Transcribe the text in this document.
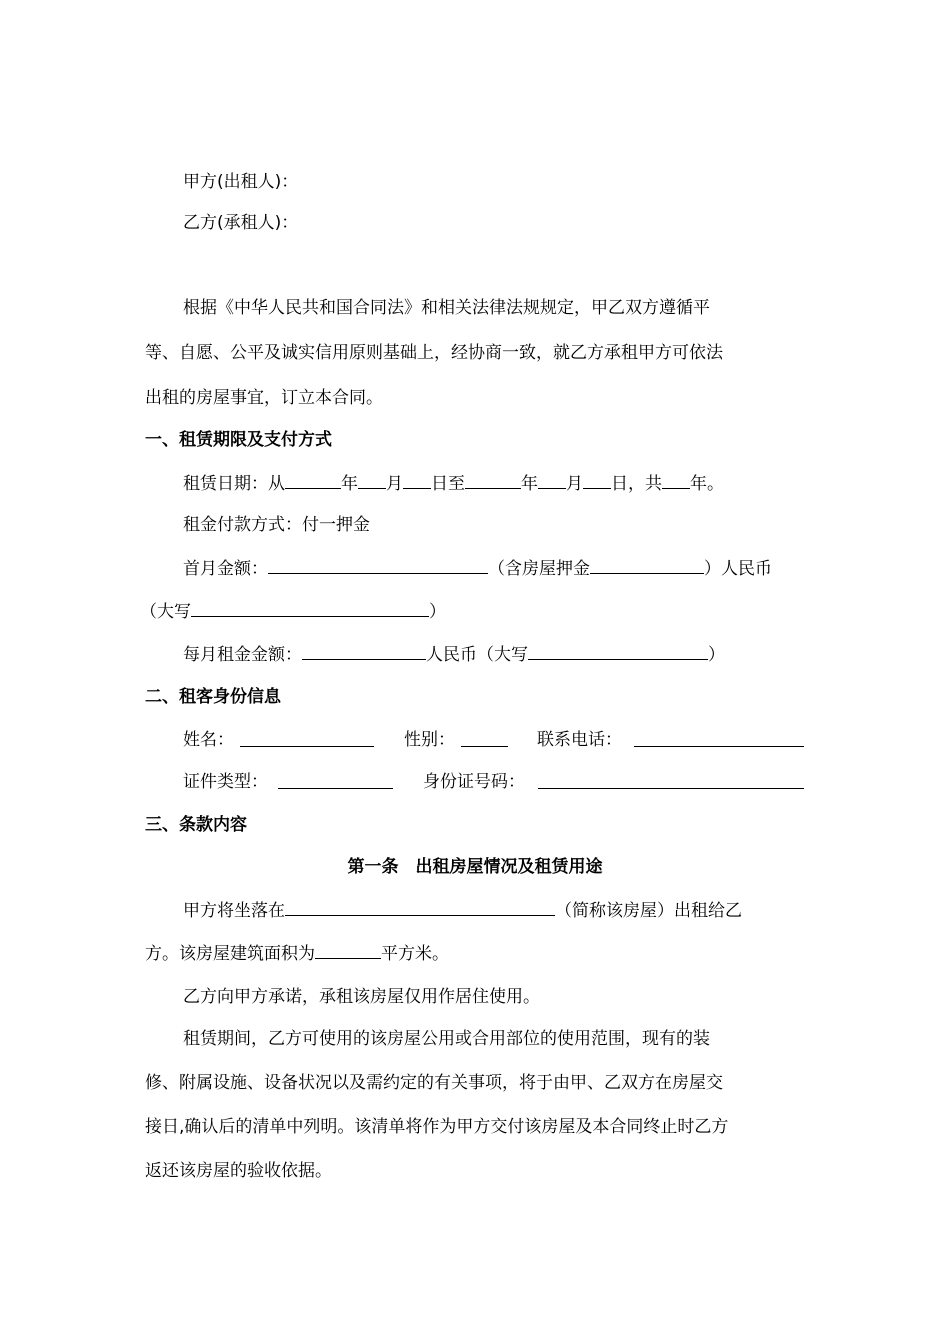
甲方(出租人)：
乙方(承租人)：
根据《中华人民共和国合同法》和相关法律法规规定，甲乙双方遵循平
等、自愿、公平及诚实信用原则基础上，经协商一致，就乙方承租甲方可依法
出租的房屋事宜，订立本合同。
一、租赁期限及支付方式
租赁日期：从	年 月 日至	年 月 日，共 年。
租金付款方式：付一押金
首月金额：	（含房屋押金	）人民币
（大写	）
每月租金金额：	人民币（大写	）
二、租客身份信息
姓名：	性别：	联系电话：
证件类型：	身份证号码：
三、条款内容
第一条　出租房屋情况及租赁用途
甲方将坐落在	（简称该房屋）出租给乙
方。该房屋建筑面积为	平方米。
乙方向甲方承诺，承租该房屋仅用作居住使用。
租赁期间，乙方可使用的该房屋公用或合用部位的使用范围，现有的装
修、附属设施、设备状况以及需约定的有关事项，将于由甲、乙双方在房屋交
接日,确认后的清单中列明。该清单将作为甲方交付该房屋及本合同终止时乙方
返还该房屋的验收依据。
